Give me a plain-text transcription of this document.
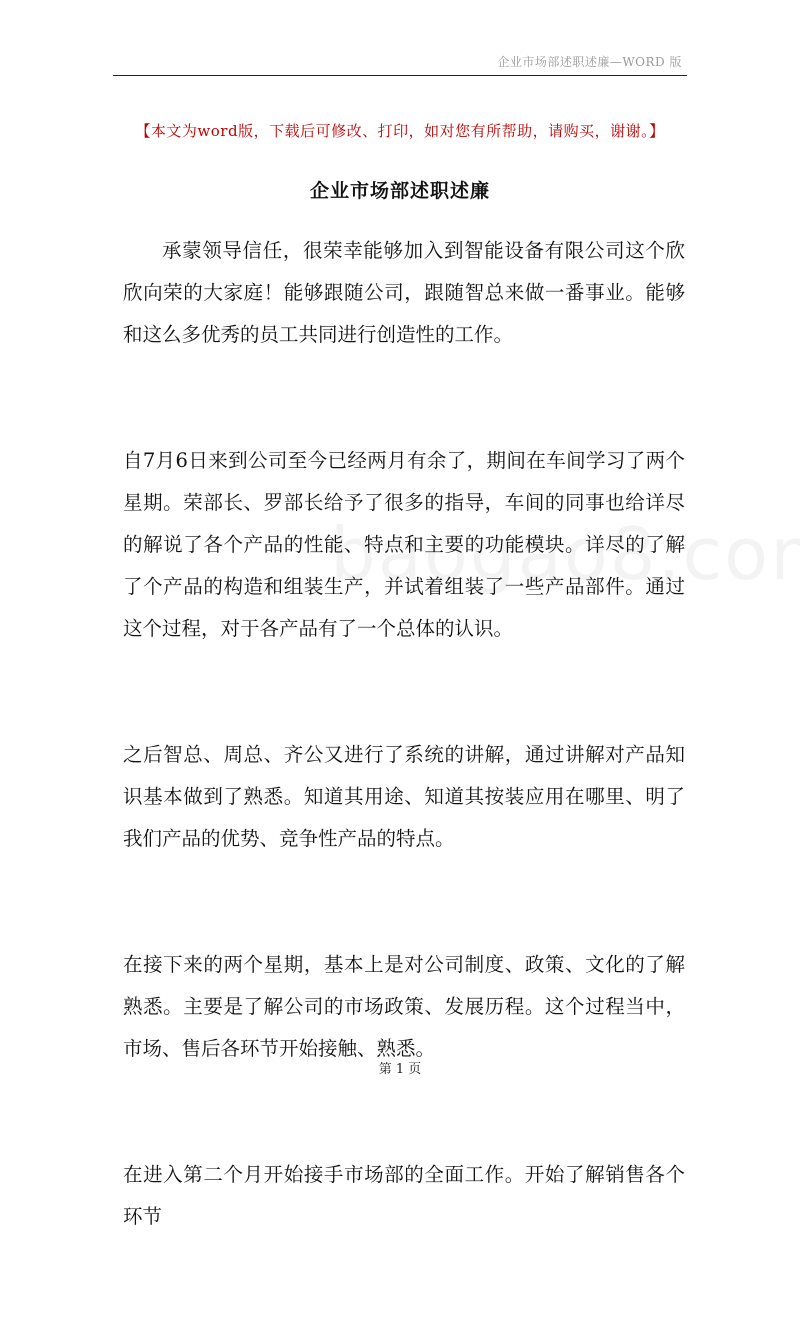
企业市场部述职述廉—WORD 版
【本文为word版，下载后可修改、打印，如对您有所帮助，请购买，谢谢。】
企业市场部述职述廉

承蒙领导信任，很荣幸能够加入到智能设备有限公司这个欣欣向荣的大家庭！能够跟随公司，跟随智总来做一番事业。能够和这么多优秀的员工共同进行创造性的工作。

自7月6日来到公司至今已经两月有余了，期间在车间学习了两个星期。荣部长、罗部长给予了很多的指导，车间的同事也给详尽的解说了各个产品的性能、特点和主要的功能模块。详尽的了解了个产品的构造和组装生产，并试着组装了一些产品部件。通过这个过程，对于各产品有了一个总体的认识。

之后智总、周总、齐公又进行了系统的讲解，通过讲解对产品知识基本做到了熟悉。知道其用途、知道其按装应用在哪里、明了我们产品的优势、竞争性产品的特点。

在接下来的两个星期，基本上是对公司制度、政策、文化的了解熟悉。主要是了解公司的市场政策、发展历程。这个过程当中，市场、售后各环节开始接触、熟悉。

在进入第二个月开始接手市场部的全面工作。开始了解销售各个环节

第 1 页
